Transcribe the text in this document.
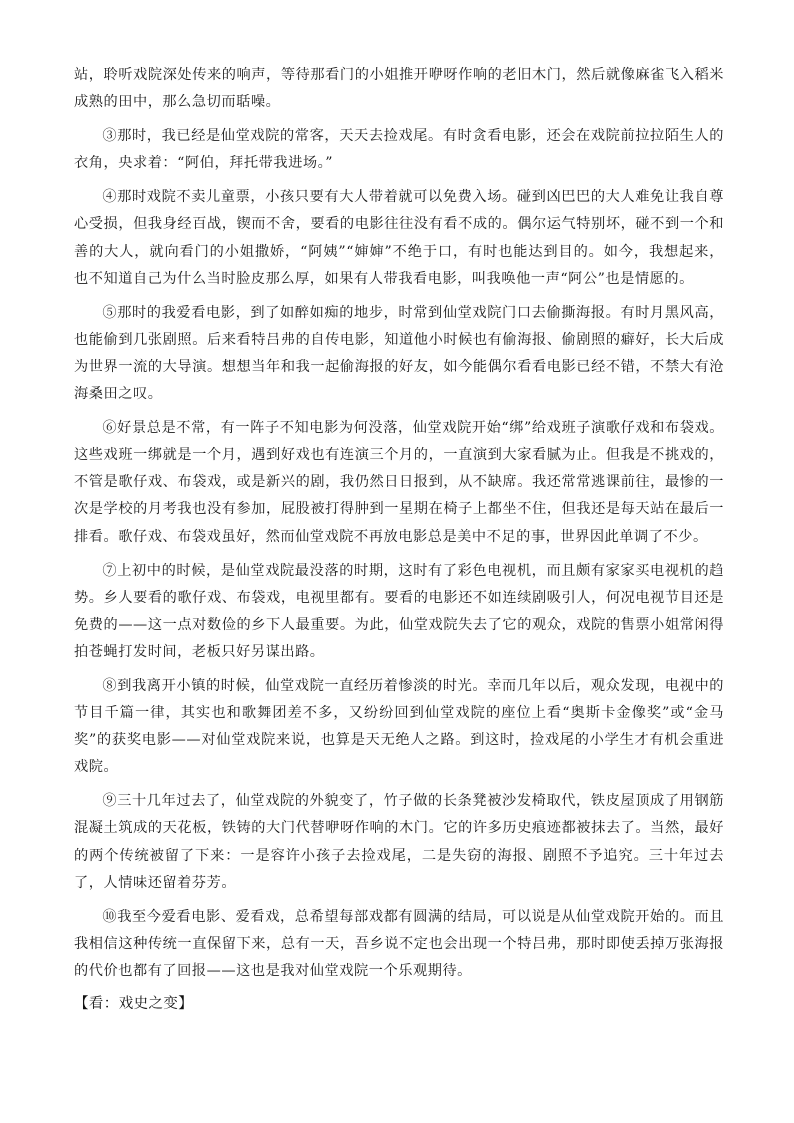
站，聆听戏院深处传来的响声，等待那看门的小姐推开咿呀作响的老旧木门，然后就像麻雀飞入稻米成熟的田中，那么急切而聒噪。

③那时，我已经是仙堂戏院的常客，天天去捡戏尾。有时贪看电影，还会在戏院前拉拉陌生人的衣角，央求着：“阿伯，拜托带我进场。”

④那时戏院不卖儿童票，小孩只要有大人带着就可以免费入场。碰到凶巴巴的大人难免让我自尊心受损，但我身经百战，锲而不舍，要看的电影往往没有看不成的。偶尔运气特别坏，碰不到一个和善的大人，就向看门的小姐撒娇，“阿姨”“婶婶”不绝于口，有时也能达到目的。如今，我想起来，也不知道自己为什么当时脸皮那么厚，如果有人带我看电影，叫我唤他一声“阿公”也是情愿的。

⑤那时的我爱看电影，到了如醉如痴的地步，时常到仙堂戏院门口去偷撕海报。有时月黑风高，也能偷到几张剧照。后来看特吕弗的自传电影，知道他小时候也有偷海报、偷剧照的癖好，长大后成为世界一流的大导演。想想当年和我一起偷海报的好友，如今能偶尔看看电影已经不错，不禁大有沧海桑田之叹。

⑥好景总是不常，有一阵子不知电影为何没落，仙堂戏院开始“绑”给戏班子演歌仔戏和布袋戏。这些戏班一绑就是一个月，遇到好戏也有连演三个月的，一直演到大家看腻为止。但我是不挑戏的，不管是歌仔戏、布袋戏，或是新兴的剧，我仍然日日报到，从不缺席。我还常常逃课前往，最惨的一次是学校的月考我也没有参加，屁股被打得肿到一星期在椅子上都坐不住，但我还是每天站在最后一排看。歌仔戏、布袋戏虽好，然而仙堂戏院不再放电影总是美中不足的事，世界因此单调了不少。

⑦上初中的时候，是仙堂戏院最没落的时期，这时有了彩色电视机，而且颇有家家买电视机的趋势。乡人要看的歌仔戏、布袋戏，电视里都有。要看的电影还不如连续剧吸引人，何况电视节目还是免费的——这一点对数俭的乡下人最重要。为此，仙堂戏院失去了它的观众，戏院的售票小姐常闲得拍苍蝇打发时间，老板只好另谋出路。

⑧到我离开小镇的时候，仙堂戏院一直经历着惨淡的时光。幸而几年以后，观众发现，电视中的节目千篇一律，其实也和歌舞团差不多，又纷纷回到仙堂戏院的座位上看“奥斯卡金像奖”或“金马奖”的获奖电影——对仙堂戏院来说，也算是天无绝人之路。到这时，捡戏尾的小学生才有机会重进戏院。

⑨三十几年过去了，仙堂戏院的外貌变了，竹子做的长条凳被沙发椅取代，铁皮屋顶成了用钢筋混凝土筑成的天花板，铁铸的大门代替咿呀作响的木门。它的许多历史痕迹都被抹去了。当然，最好的两个传统被留了下来：一是容许小孩子去捡戏尾，二是失窃的海报、剧照不予追究。三十年过去了，人情味还留着芬芳。

⑩我至今爱看电影、爱看戏，总希望每部戏都有圆满的结局，可以说是从仙堂戏院开始的。而且我相信这种传统一直保留下来，总有一天，吾乡说不定也会出现一个特吕弗，那时即使丢掉万张海报的代价也都有了回报——这也是我对仙堂戏院一个乐观期待。

【看：戏史之变】
